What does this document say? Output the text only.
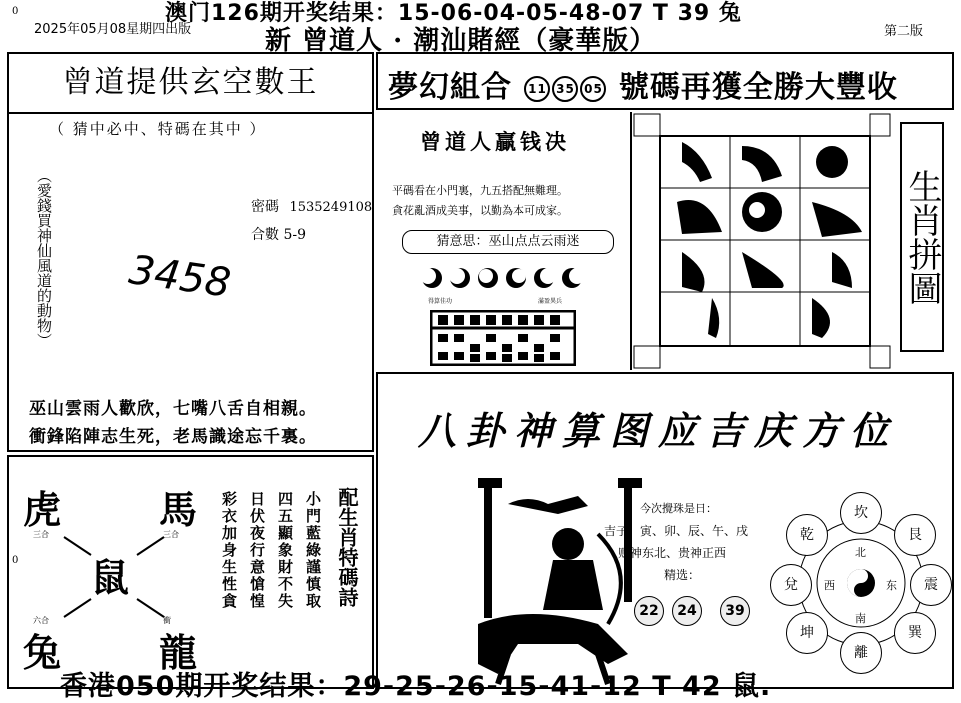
0	澳门126期开奖结果：15-06-04-05-48-07 T 39 兔
新 曾道人 · 潮汕賭經（豪華版）
2025年05月08星期四出版	第二版
0
曾道提供玄空數王
（ 猜中必中、特碼在其中 ）
（愛錢買神仙風道的動物）	密碼 1535249108
合數 5-9
3458
巫山雲雨人歡欣，七嘴八舌自相親。
衝鋒陷陣志生死，老馬識途忘千裏。
虎	馬
鼠
兔	龍
三合	三合
六合	衝
配生肖特碼詩
小門藍綠謹慎取
四五顯象財不失
日伏夜行意愴惶
彩衣加身生性貪
夢幻組合 11 35 05 號碼再獲全勝大豐收
曾道人贏钱决
平碼看在小門裏，九五搭配無難理。
貪花亂酒成美事，以勤為本可成家。
猜意思：巫山点点云雨迷
得算佳功	滿盈異兵	生肖拼圖
八卦神算图应吉庆方位
今次攪珠是日：
吉子、寅、卯、辰、午、戌
财神东北、贵神正西
精选：
22	24	39
坎
艮
震
巽
離
坤
兌
乾
北
东
南
西
香港050期开奖结果：29-25-26-15-41-12 T 42 鼠.
